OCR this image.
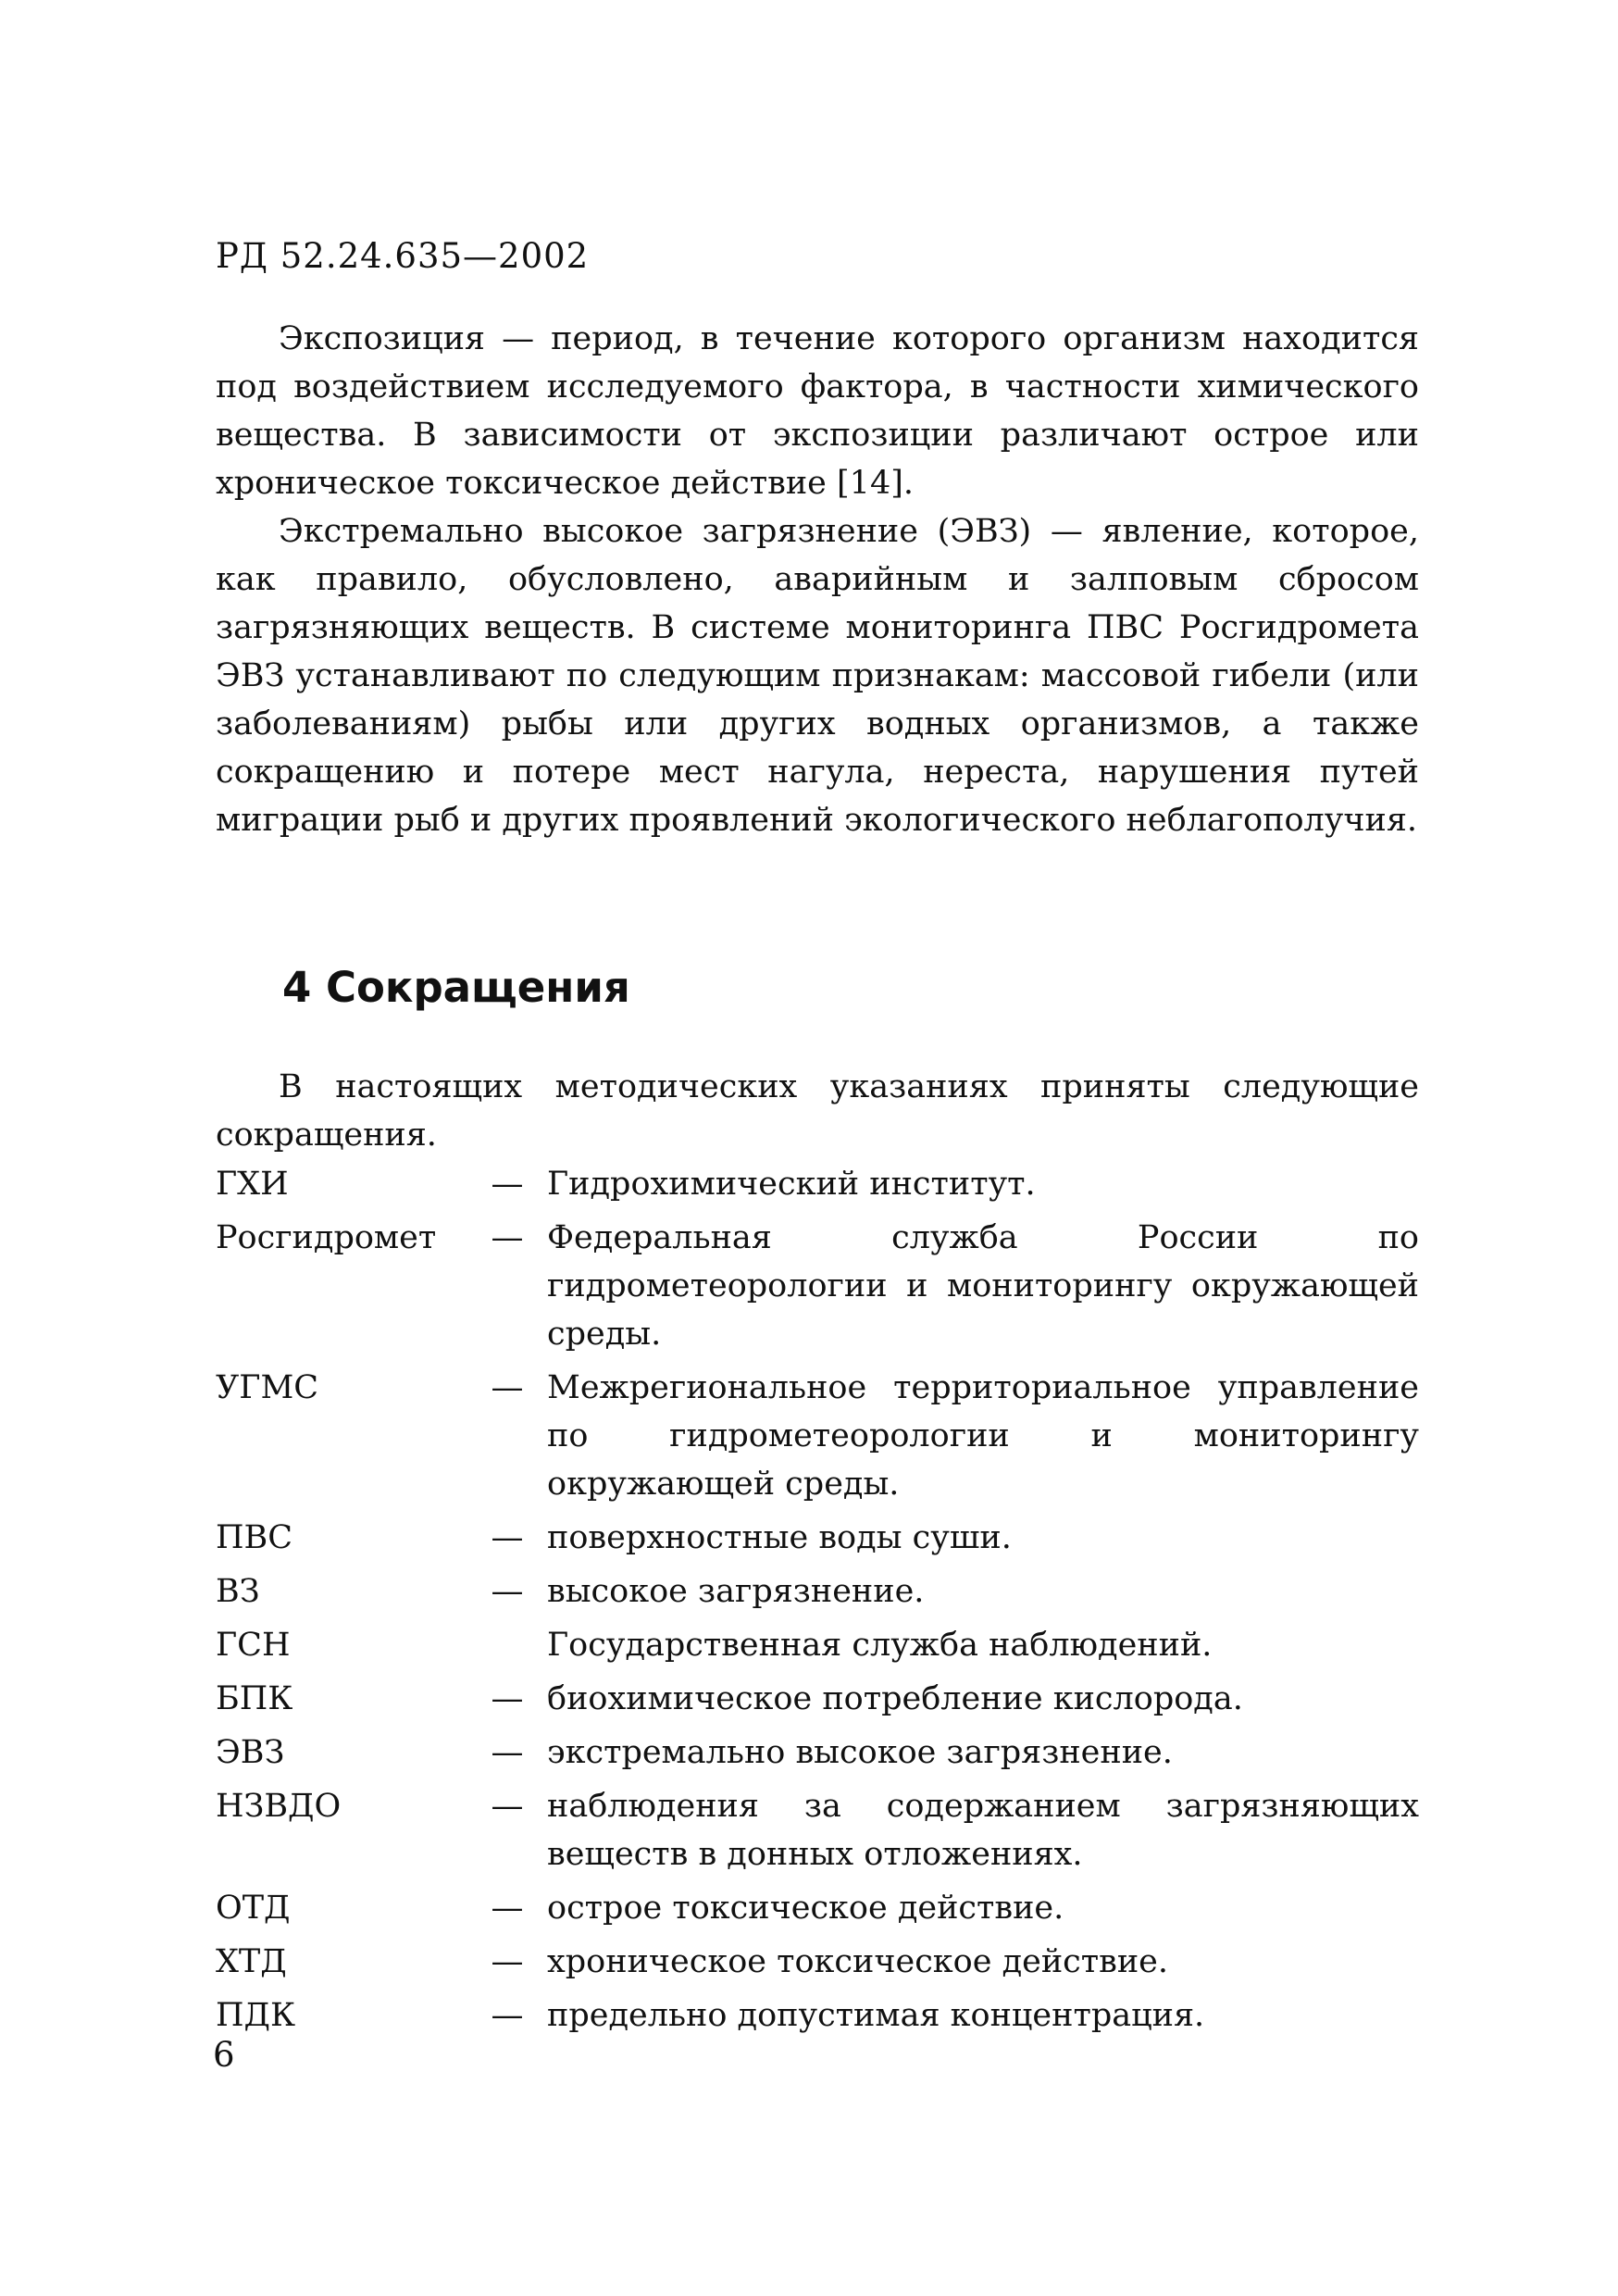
РД 52.24.635—2002

Экспозиция — период, в течение которого организм находится под воздействием исследуемого фактора, в частности химического вещества. В зависимости от экспозиции различают острое или хроническое токсическое действие [14].

Экстремально высокое загрязнение (ЭВЗ) — явление, которое, как правило, обусловлено, аварийным и залповым сбросом загрязняющих веществ. В системе мониторинга ПВС Росгидромета ЭВЗ устанавливают по следующим признакам: массовой гибели (или заболеваниям) рыбы или других водных организмов, а также сокращению и потере мест нагула, нереста, нарушения путей миграции рыб и других проявлений экологического неблагополучия.

4 Сокращения

В настоящих методических указаниях приняты следующие сокращения.

ГХИ	— Гидрохимический институт.
Росгидромет	— Федеральная служба России по гидрометеорологии и мониторингу окружающей среды.
УГМС	— Межрегиональное территориальное управление по гидрометеорологии и мониторингу окружающей среды.
ПВС	— поверхностные воды суши.
ВЗ	— высокое загрязнение.
ГСН	Государственная служба наблюдений.
БПК	— биохимическое потребление кислорода.
ЭВЗ	— экстремально высокое загрязнение.
НЗВДО	— наблюдения за содержанием загрязняющих веществ в донных отложениях.
ОТД	— острое токсическое действие.
ХТД	— хроническое токсическое действие.
ПДК	— предельно допустимая концентрация.
6
